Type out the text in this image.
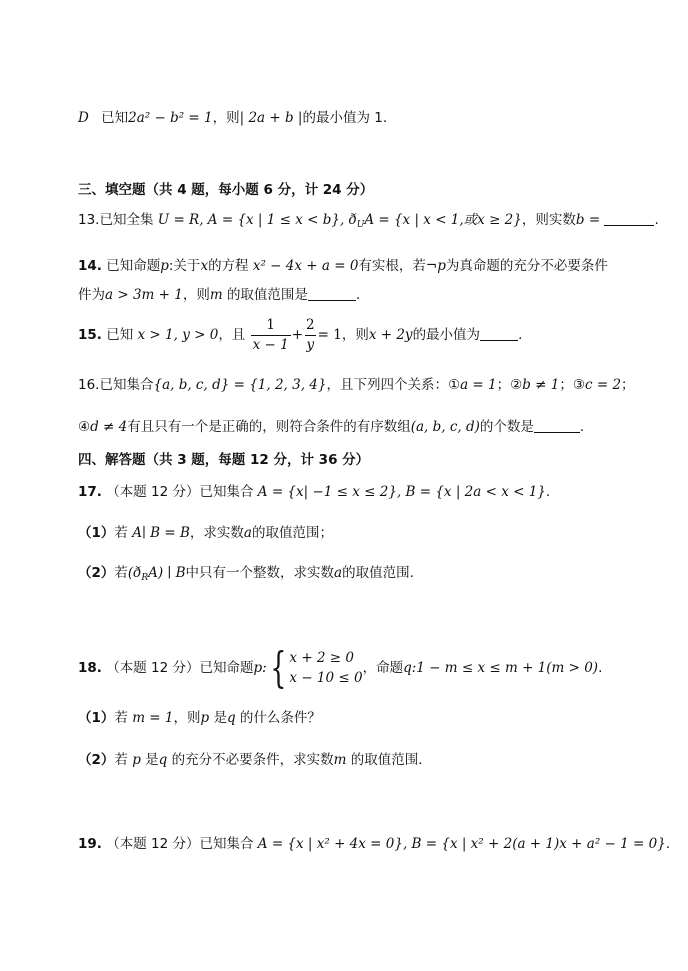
D 已知2a² − b² = 1，则| 2a + b |的最小值为 1.
三、填空题（共 4 题，每小题 6 分，计 24 分）
13.已知全集 U = R, A = {x | 1 ≤ x < b}, $ð_UA = \{x$ | x < 1,或x ≥ 2}，则实数b =	.
14. 已知命题p:关于x的方程 x² − 4x + a = 0有实根，若¬p为真命题的充分不必要条件
件为a > 3m + 1，则m 的取值范围是	.
15. 已知 x > 1, y > 0，且 $\frac{1}{x - 1} + \frac{2}{y} = 1$，则x + 2y的最小值为	.
16.已知集合{a, b, c, d} = {1, 2, 3, 4}，且下列四个关系：①a = 1；②b ≠ 1；③c = 2；
④d ≠ 4有且只有一个是正确的，则符合条件的有序数组(a, b, c, d)的个数是	.
四、解答题（共 3 题，每题 12 分，计 36 分）
17. （本题 12 分）已知集合 A = {x| −1 ≤ x ≤ 2}, B = {x | 2a < x < 1}.
（1）若 A∣ B = B，求实数a的取值范围；
（2）若$(ð_RA)$ ∣ B中只有一个整数，求实数a的取值范围.
18. （本题 12 分）已知命题p: { x + 2 ≥ 0
x − 10 ≤ 0
，命题q:1 − m ≤ x ≤ m + 1(m > 0).
（1）若 m = 1，则p 是q 的什么条件？
（2）若 p 是q 的充分不必要条件，求实数m 的取值范围.
19. （本题 12 分）已知集合 A = {x | x² + 4x = 0}, B = {x | x² + 2(a + 1)x + a² − 1 = 0}.
